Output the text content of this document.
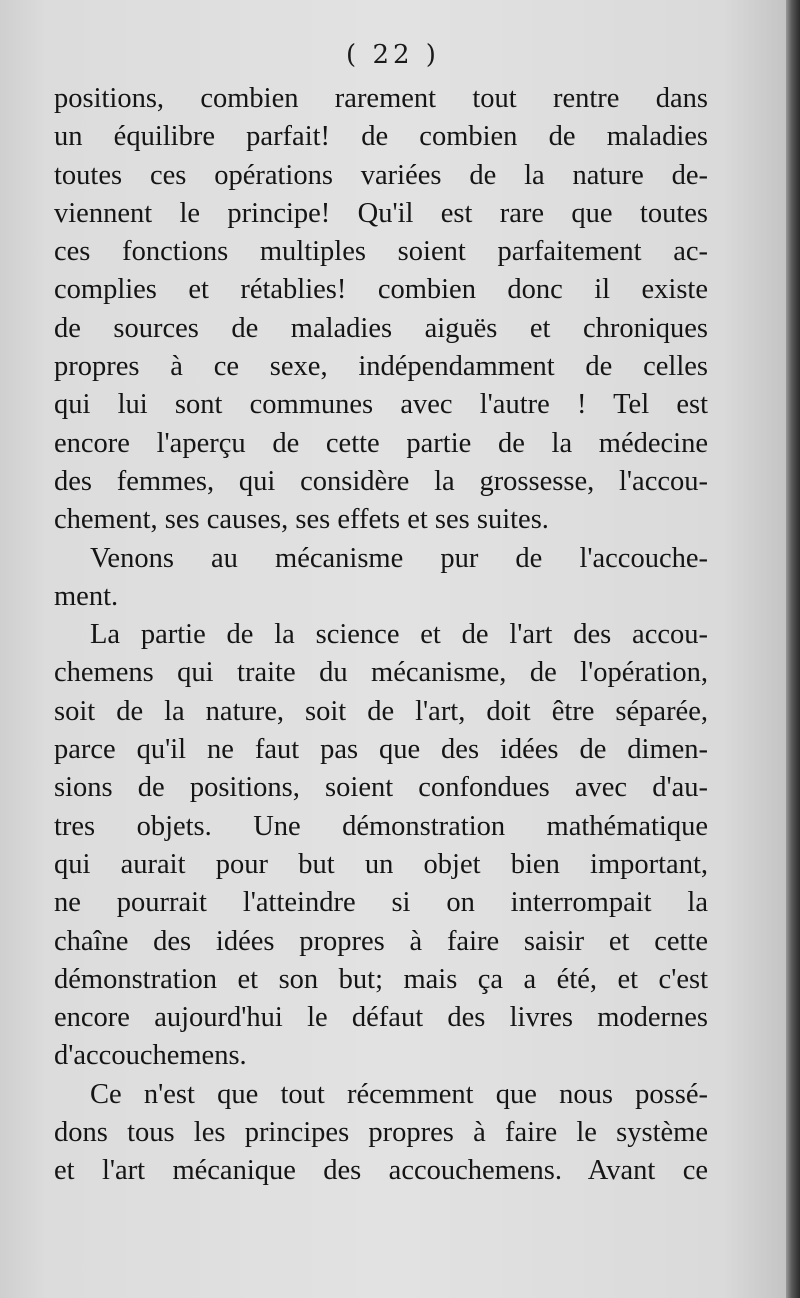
( 22 )
positions, combien rarement tout rentre dans
un équilibre parfait! de combien de maladies
toutes ces opérations variées de la nature de-
viennent le principe! Qu'il est rare que toutes
ces fonctions multiples soient parfaitement ac-
complies et rétablies! combien donc il existe
de sources de maladies aiguës et chroniques
propres à ce sexe, indépendamment de celles
qui lui sont communes avec l'autre ! Tel est
encore l'aperçu de cette partie de la médecine
des femmes, qui considère la grossesse, l'accou-
chement, ses causes, ses effets et ses suites.
Venons au mécanisme pur de l'accouche-
ment.
La partie de la science et de l'art des accou-
chemens qui traite du mécanisme, de l'opération,
soit de la nature, soit de l'art, doit être séparée,
parce qu'il ne faut pas que des idées de dimen-
sions de positions, soient confondues avec d'au-
tres objets. Une démonstration mathématique
qui aurait pour but un objet bien important,
ne pourrait l'atteindre si on interrompait la
chaîne des idées propres à faire saisir et cette
démonstration et son but; mais ça a été, et c'est
encore aujourd'hui le défaut des livres modernes
d'accouchemens.
Ce n'est que tout récemment que nous possé-
dons tous les principes propres à faire le système
et l'art mécanique des accouchemens. Avant ce
